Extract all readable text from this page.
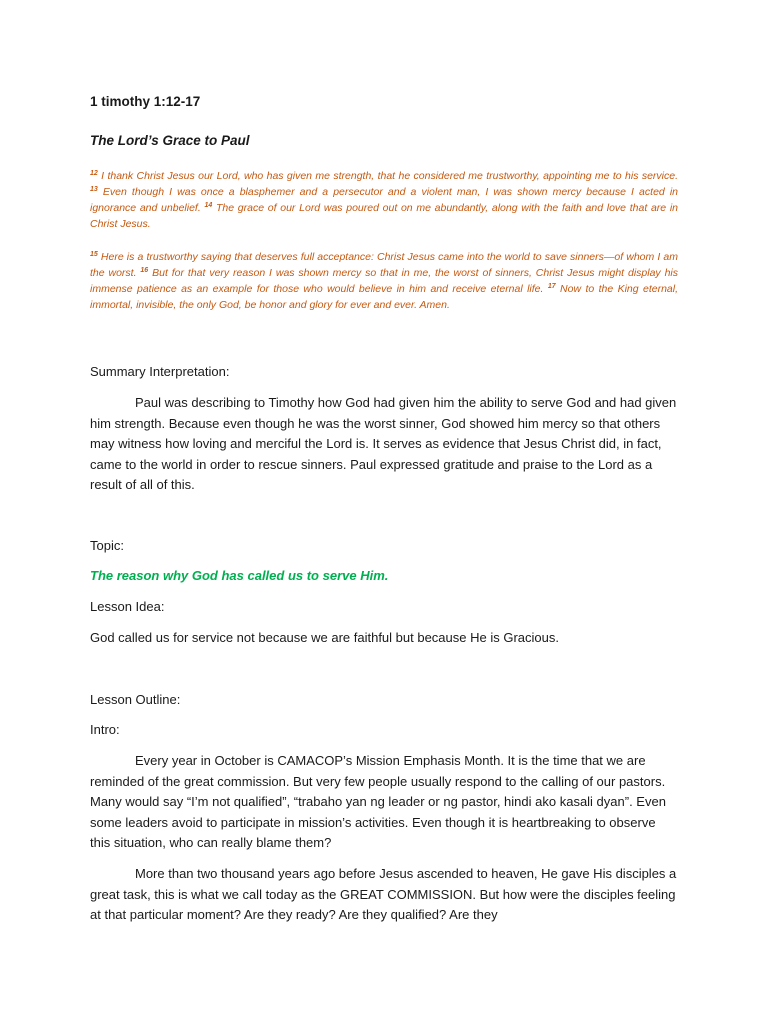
1 timothy 1:12-17
The Lord’s Grace to Paul

$^{12}$ I thank Christ Jesus our Lord, who has given me strength, that he considered me trustworthy, appointing me to his service. $^{13}$ Even though I was once a blasphemer and a persecutor and a violent man, I was shown mercy because I acted in ignorance and unbelief. $^{14}$ The grace of our Lord was poured out on me abundantly, along with the faith and love that are in Christ Jesus.

$^{15}$ Here is a trustworthy saying that deserves full acceptance: Christ Jesus came into the world to save sinners—of whom I am the worst. $^{16}$ But for that very reason I was shown mercy so that in me, the worst of sinners, Christ Jesus might display his immense patience as an example for those who would believe in him and receive eternal life. $^{17}$ Now to the King eternal, immortal, invisible, the only God, be honor and glory for ever and ever. Amen.

Summary Interpretation:

Paul was describing to Timothy how God had given him the ability to serve God and had given him strength. Because even though he was the worst sinner, God showed him mercy so that others may witness how loving and merciful the Lord is. It serves as evidence that Jesus Christ did, in fact, came to the world in order to rescue sinners. Paul expressed gratitude and praise to the Lord as a result of all of this.

Topic:
The reason why God has called us to serve Him.
Lesson Idea:
God called us for service not because we are faithful but because He is Gracious.
Lesson Outline:
Intro:

Every year in October is CAMACOP’s Mission Emphasis Month. It is the time that we are reminded of the great commission. But very few people usually respond to the calling of our pastors. Many would say “I’m not qualified”, “trabaho yan ng leader or ng pastor, hindi ako kasali dyan”. Even some leaders avoid to participate in mission’s activities. Even though it is heartbreaking to observe this situation, who can really blame them?

More than two thousand years ago before Jesus ascended to heaven, He gave His disciples a great task, this is what we call today as the GREAT COMMISSION. But how were the disciples feeling at that particular moment? Are they ready? Are they qualified? Are they
